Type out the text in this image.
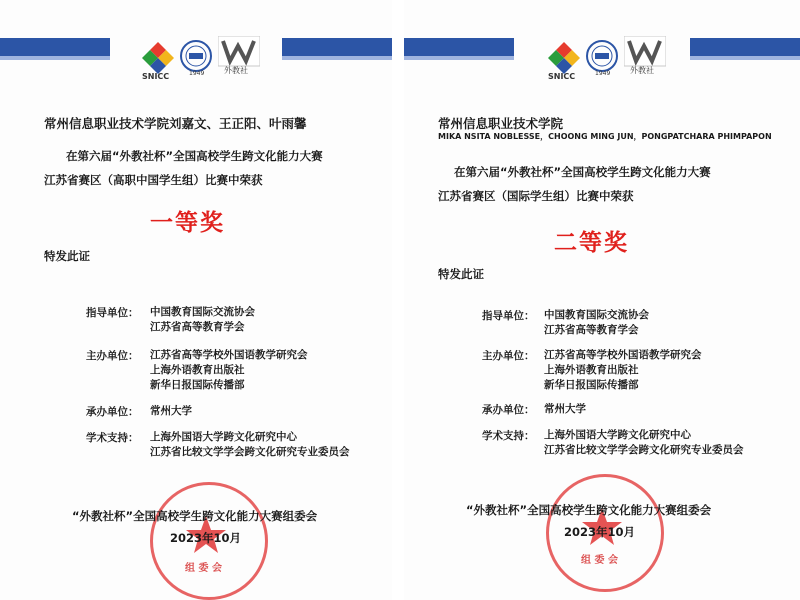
SNICC	1949 外教社
常州信息职业技术学院刘嘉文、王正阳、叶雨馨
在第六届“外教社杯”全国高校学生跨文化能力大赛
江苏省赛区（高职中国学生组）比赛中荣获
一等奖
特发此证
指导单位： 中国教育国际交流协会
江苏省高等教育学会
主办单位： 江苏省高等学校外国语教学研究会
上海外语教育出版社
新华日报国际传播部
承办单位： 常州大学
学术支持： 上海外国语大学跨文化研究中心
江苏省比较文学学会跨文化研究专业委员会
组 委 会
“外教社杯”全国高校学生跨文化能力大赛组委会
2023年10月
SNICC	1949 外教社
常州信息职业技术学院
MIKA NSITA NOBLESSE，CHOONG MING JUN，PONGPATCHARA PHIMPAPON
在第六届“外教社杯”全国高校学生跨文化能力大赛
江苏省赛区（国际学生组）比赛中荣获
二等奖
特发此证
指导单位： 中国教育国际交流协会
江苏省高等教育学会
主办单位： 江苏省高等学校外国语教学研究会
上海外语教育出版社
新华日报国际传播部
承办单位： 常州大学
学术支持： 上海外国语大学跨文化研究中心
江苏省比较文学学会跨文化研究专业委员会
组 委 会
“外教社杯”全国高校学生跨文化能力大赛组委会
2023年10月
